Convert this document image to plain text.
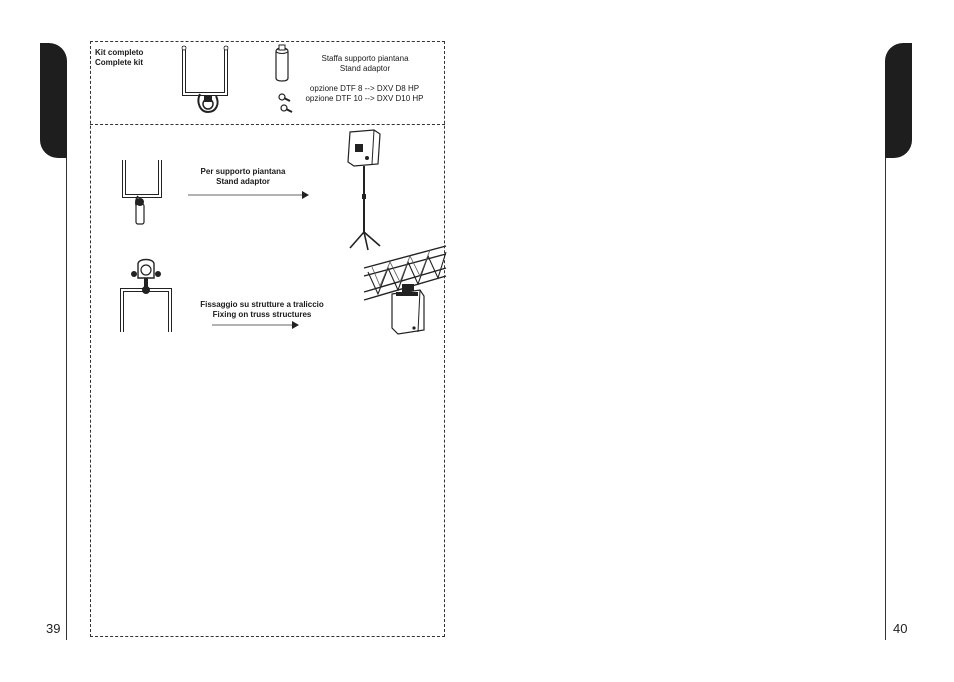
39	40
Kit completo
Complete kit	Staffa supporto piantana
Stand adaptor
opzione DTF 8 --> DXV D8 HP
opzione DTF 10 --> DXV D10 HP
Per supporto piantana
Stand adaptor
Fissaggio su strutture a traliccio
Fixing on truss structures
